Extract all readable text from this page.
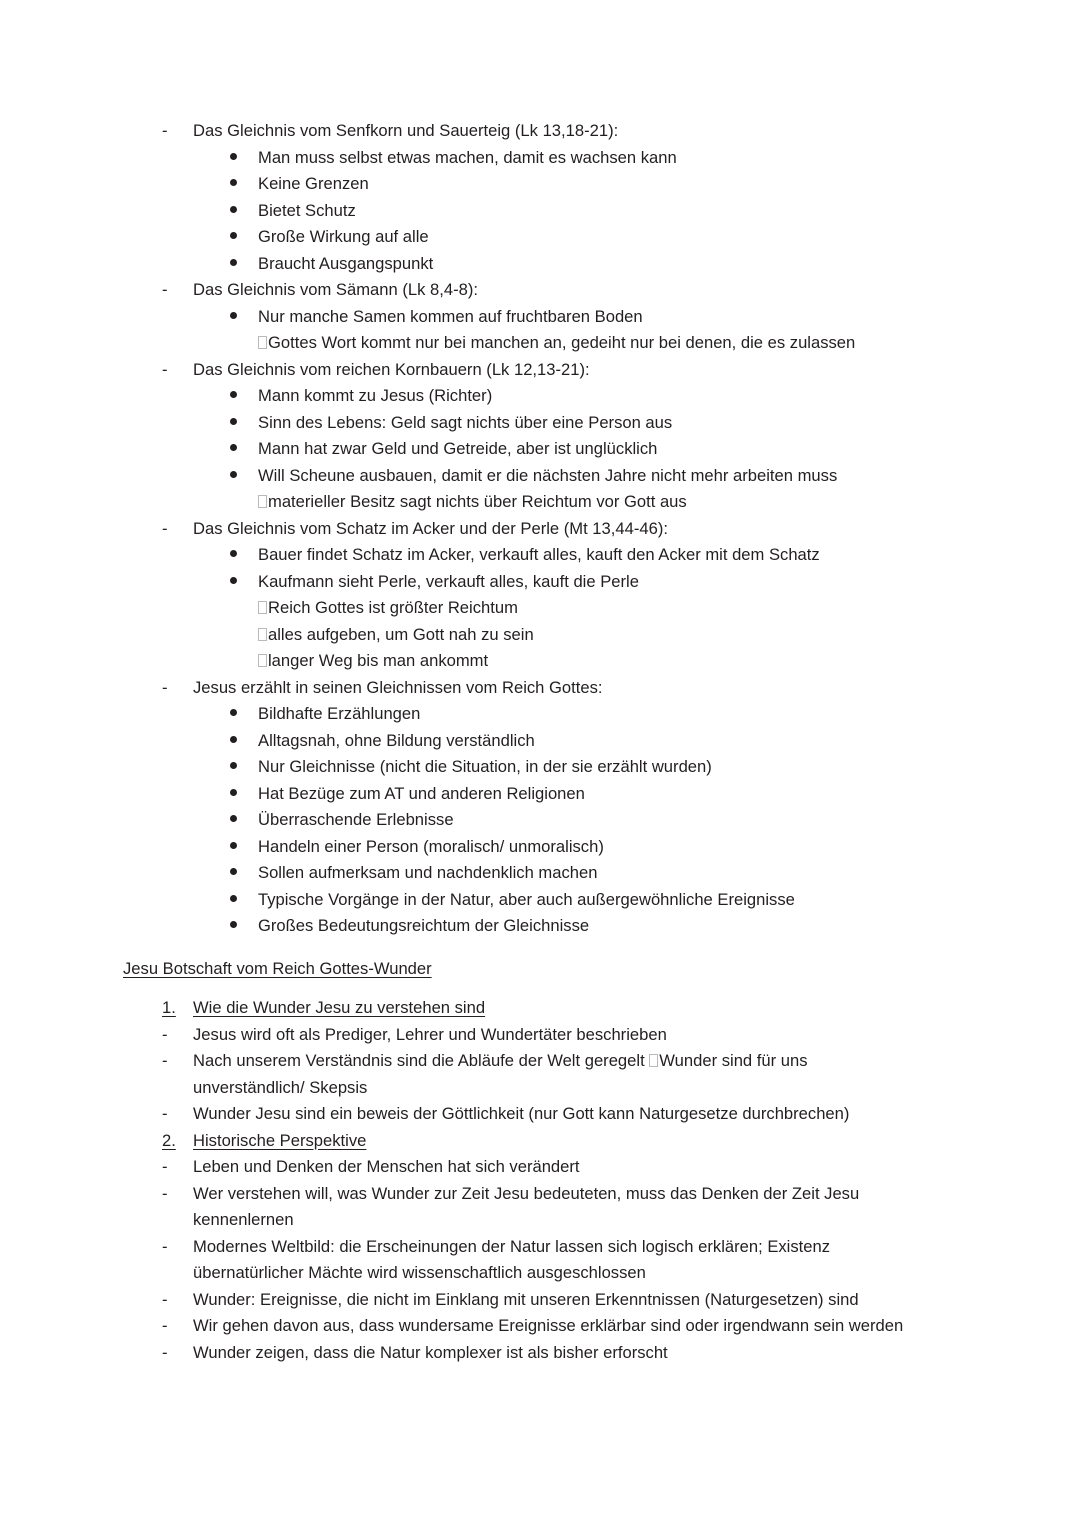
-	Das Gleichnis vom Senfkorn und Sauerteig (Lk 13,18-21):
Man muss selbst etwas machen, damit es wachsen kann
Keine Grenzen
Bietet Schutz
Große Wirkung auf alle
Braucht Ausgangspunkt
-	Das Gleichnis vom Sämann (Lk 8,4-8):
Nur manche Samen kommen auf fruchtbaren Boden
Gottes Wort kommt nur bei manchen an, gedeiht nur bei denen, die es zulassen
-	Das Gleichnis vom reichen Kornbauern (Lk 12,13-21):
Mann kommt zu Jesus (Richter)
Sinn des Lebens: Geld sagt nichts über eine Person aus
Mann hat zwar Geld und Getreide, aber ist unglücklich
Will Scheune ausbauen, damit er die nächsten Jahre nicht mehr arbeiten muss
materieller Besitz sagt nichts über Reichtum vor Gott aus
-	Das Gleichnis vom Schatz im Acker und der Perle (Mt 13,44-46):
Bauer findet Schatz im Acker, verkauft alles, kauft den Acker mit dem Schatz
Kaufmann sieht Perle, verkauft alles, kauft die Perle
Reich Gottes ist größter Reichtum
alles aufgeben, um Gott nah zu sein
langer Weg bis man ankommt
-	Jesus erzählt in seinen Gleichnissen vom Reich Gottes:
Bildhafte Erzählungen
Alltagsnah, ohne Bildung verständlich
Nur Gleichnisse (nicht die Situation, in der sie erzählt wurden)
Hat Bezüge zum AT und anderen Religionen
Überraschende Erlebnisse
Handeln einer Person (moralisch/ unmoralisch)
Sollen aufmerksam und nachdenklich machen
Typische Vorgänge in der Natur, aber auch außergewöhnliche Ereignisse
Großes Bedeutungsreichtum der Gleichnisse
Jesu Botschaft vom Reich Gottes-Wunder
1.	Wie die Wunder Jesu zu verstehen sind
-	Jesus wird oft als Prediger, Lehrer und Wundertäter beschrieben
-	Nach unserem Verständnis sind die Abläufe der Welt geregelt Wunder sind für uns unverständlich/ Skepsis
-	Wunder Jesu sind ein beweis der Göttlichkeit (nur Gott kann Naturgesetze durchbrechen)
2.	Historische Perspektive
-	Leben und Denken der Menschen hat sich verändert
-	Wer verstehen will, was Wunder zur Zeit Jesu bedeuteten, muss das Denken der Zeit Jesu kennenlernen
-	Modernes Weltbild: die Erscheinungen der Natur lassen sich logisch erklären; Existenz übernatürlicher Mächte wird wissenschaftlich ausgeschlossen
-	Wunder: Ereignisse, die nicht im Einklang mit unseren Erkenntnissen (Naturgesetzen) sind
-	Wir gehen davon aus, dass wundersame Ereignisse erklärbar sind oder irgendwann sein werden
-	Wunder zeigen, dass die Natur komplexer ist als bisher erforscht
